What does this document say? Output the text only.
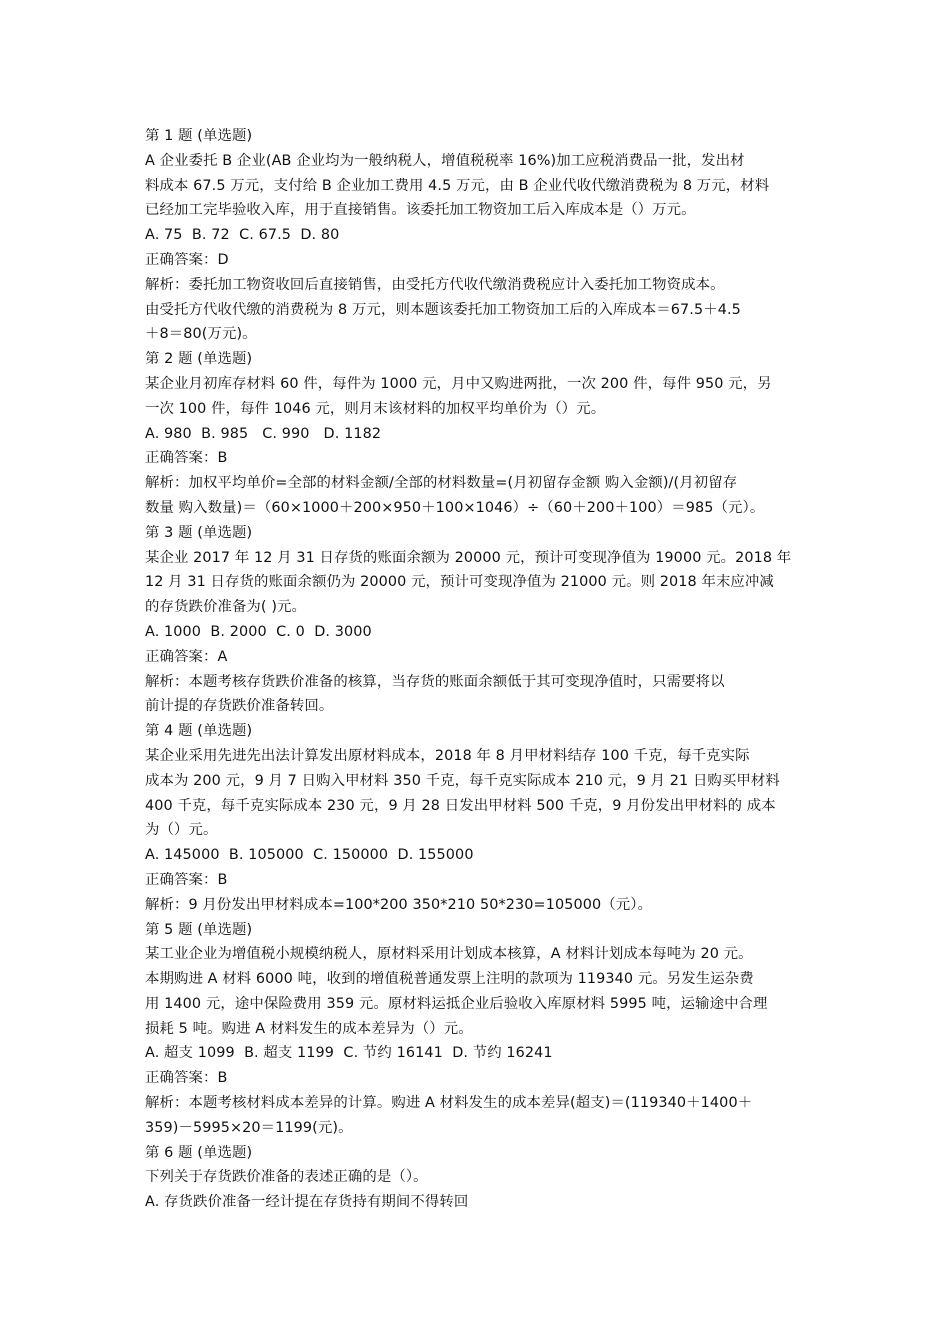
第 1 题 (单选题)
A 企业委托 B 企业(AB 企业均为一般纳税人，增值税税率 16%)加工应税消费品一批，发出材
料成本 67.5 万元，支付给 B 企业加工费用 4.5 万元，由 B 企业代收代缴消费税为 8 万元，材料
已经加工完毕验收入库，用于直接销售。该委托加工物资加工后入库成本是（）万元。
A. 75  B. 72  C. 67.5  D. 80
正确答案：D
解析：委托加工物资收回后直接销售，由受托方代收代缴消费税应计入委托加工物资成本。
由受托方代收代缴的消费税为 8 万元，则本题该委托加工物资加工后的入库成本＝67.5＋4.5
＋8＝80(万元)。
第 2 题 (单选题)
某企业月初库存材料 60 件，每件为 1000 元，月中又购进两批，一次 200 件，每件 950 元，另
一次 100 件，每件 1046 元，则月末该材料的加权平均单价为（）元。
A. 980  B. 985   C. 990   D. 1182
正确答案：B
解析：加权平均单价=全部的材料金额/全部的材料数量=(月初留存金额 购入金额)/(月初留存
数量 购入数量)＝（60×1000＋200×950＋100×1046）÷（60＋200＋100）＝985（元）。
第 3 题 (单选题)
某企业 2017 年 12 月 31 日存货的账面余额为 20000 元，预计可变现净值为 19000 元。2018 年
12 月 31 日存货的账面余额仍为 20000 元，预计可变现净值为 21000 元。则 2018 年末应冲减
的存货跌价准备为( )元。
A. 1000  B. 2000  C. 0  D. 3000
正确答案：A
解析：本题考核存货跌价准备的核算，当存货的账面余额低于其可变现净值时，只需要将以
前计提的存货跌价准备转回。
第 4 题 (单选题)
某企业采用先进先出法计算发出原材料成本，2018 年 8 月甲材料结存 100 千克，每千克实际
成本为 200 元，9 月 7 日购入甲材料 350 千克，每千克实际成本 210 元，9 月 21 日购买甲材料
400 千克，每千克实际成本 230 元，9 月 28 日发出甲材料 500 千克，9 月份发出甲材料的 成本
为（）元。
A. 145000  B. 105000  C. 150000  D. 155000
正确答案：B
解析：9 月份发出甲材料成本=100*200 350*210 50*230=105000（元）。
第 5 题 (单选题)
某工业企业为增值税小规模纳税人，原材料采用计划成本核算，A 材料计划成本每吨为 20 元。
本期购进 A 材料 6000 吨，收到的增值税普通发票上注明的款项为 119340 元。另发生运杂费
用 1400 元，途中保险费用 359 元。原材料运抵企业后验收入库原材料 5995 吨，运输途中合理
损耗 5 吨。购进 A 材料发生的成本差异为（）元。
A. 超支 1099  B. 超支 1199  C. 节约 16141  D. 节约 16241
正确答案：B
解析：本题考核材料成本差异的计算。购进 A 材料发生的成本差异(超支)＝(119340＋1400＋
359)－5995×20＝1199(元)。
第 6 题 (单选题)
下列关于存货跌价准备的表述正确的是（）。
A. 存货跌价准备一经计提在存货持有期间不得转回
